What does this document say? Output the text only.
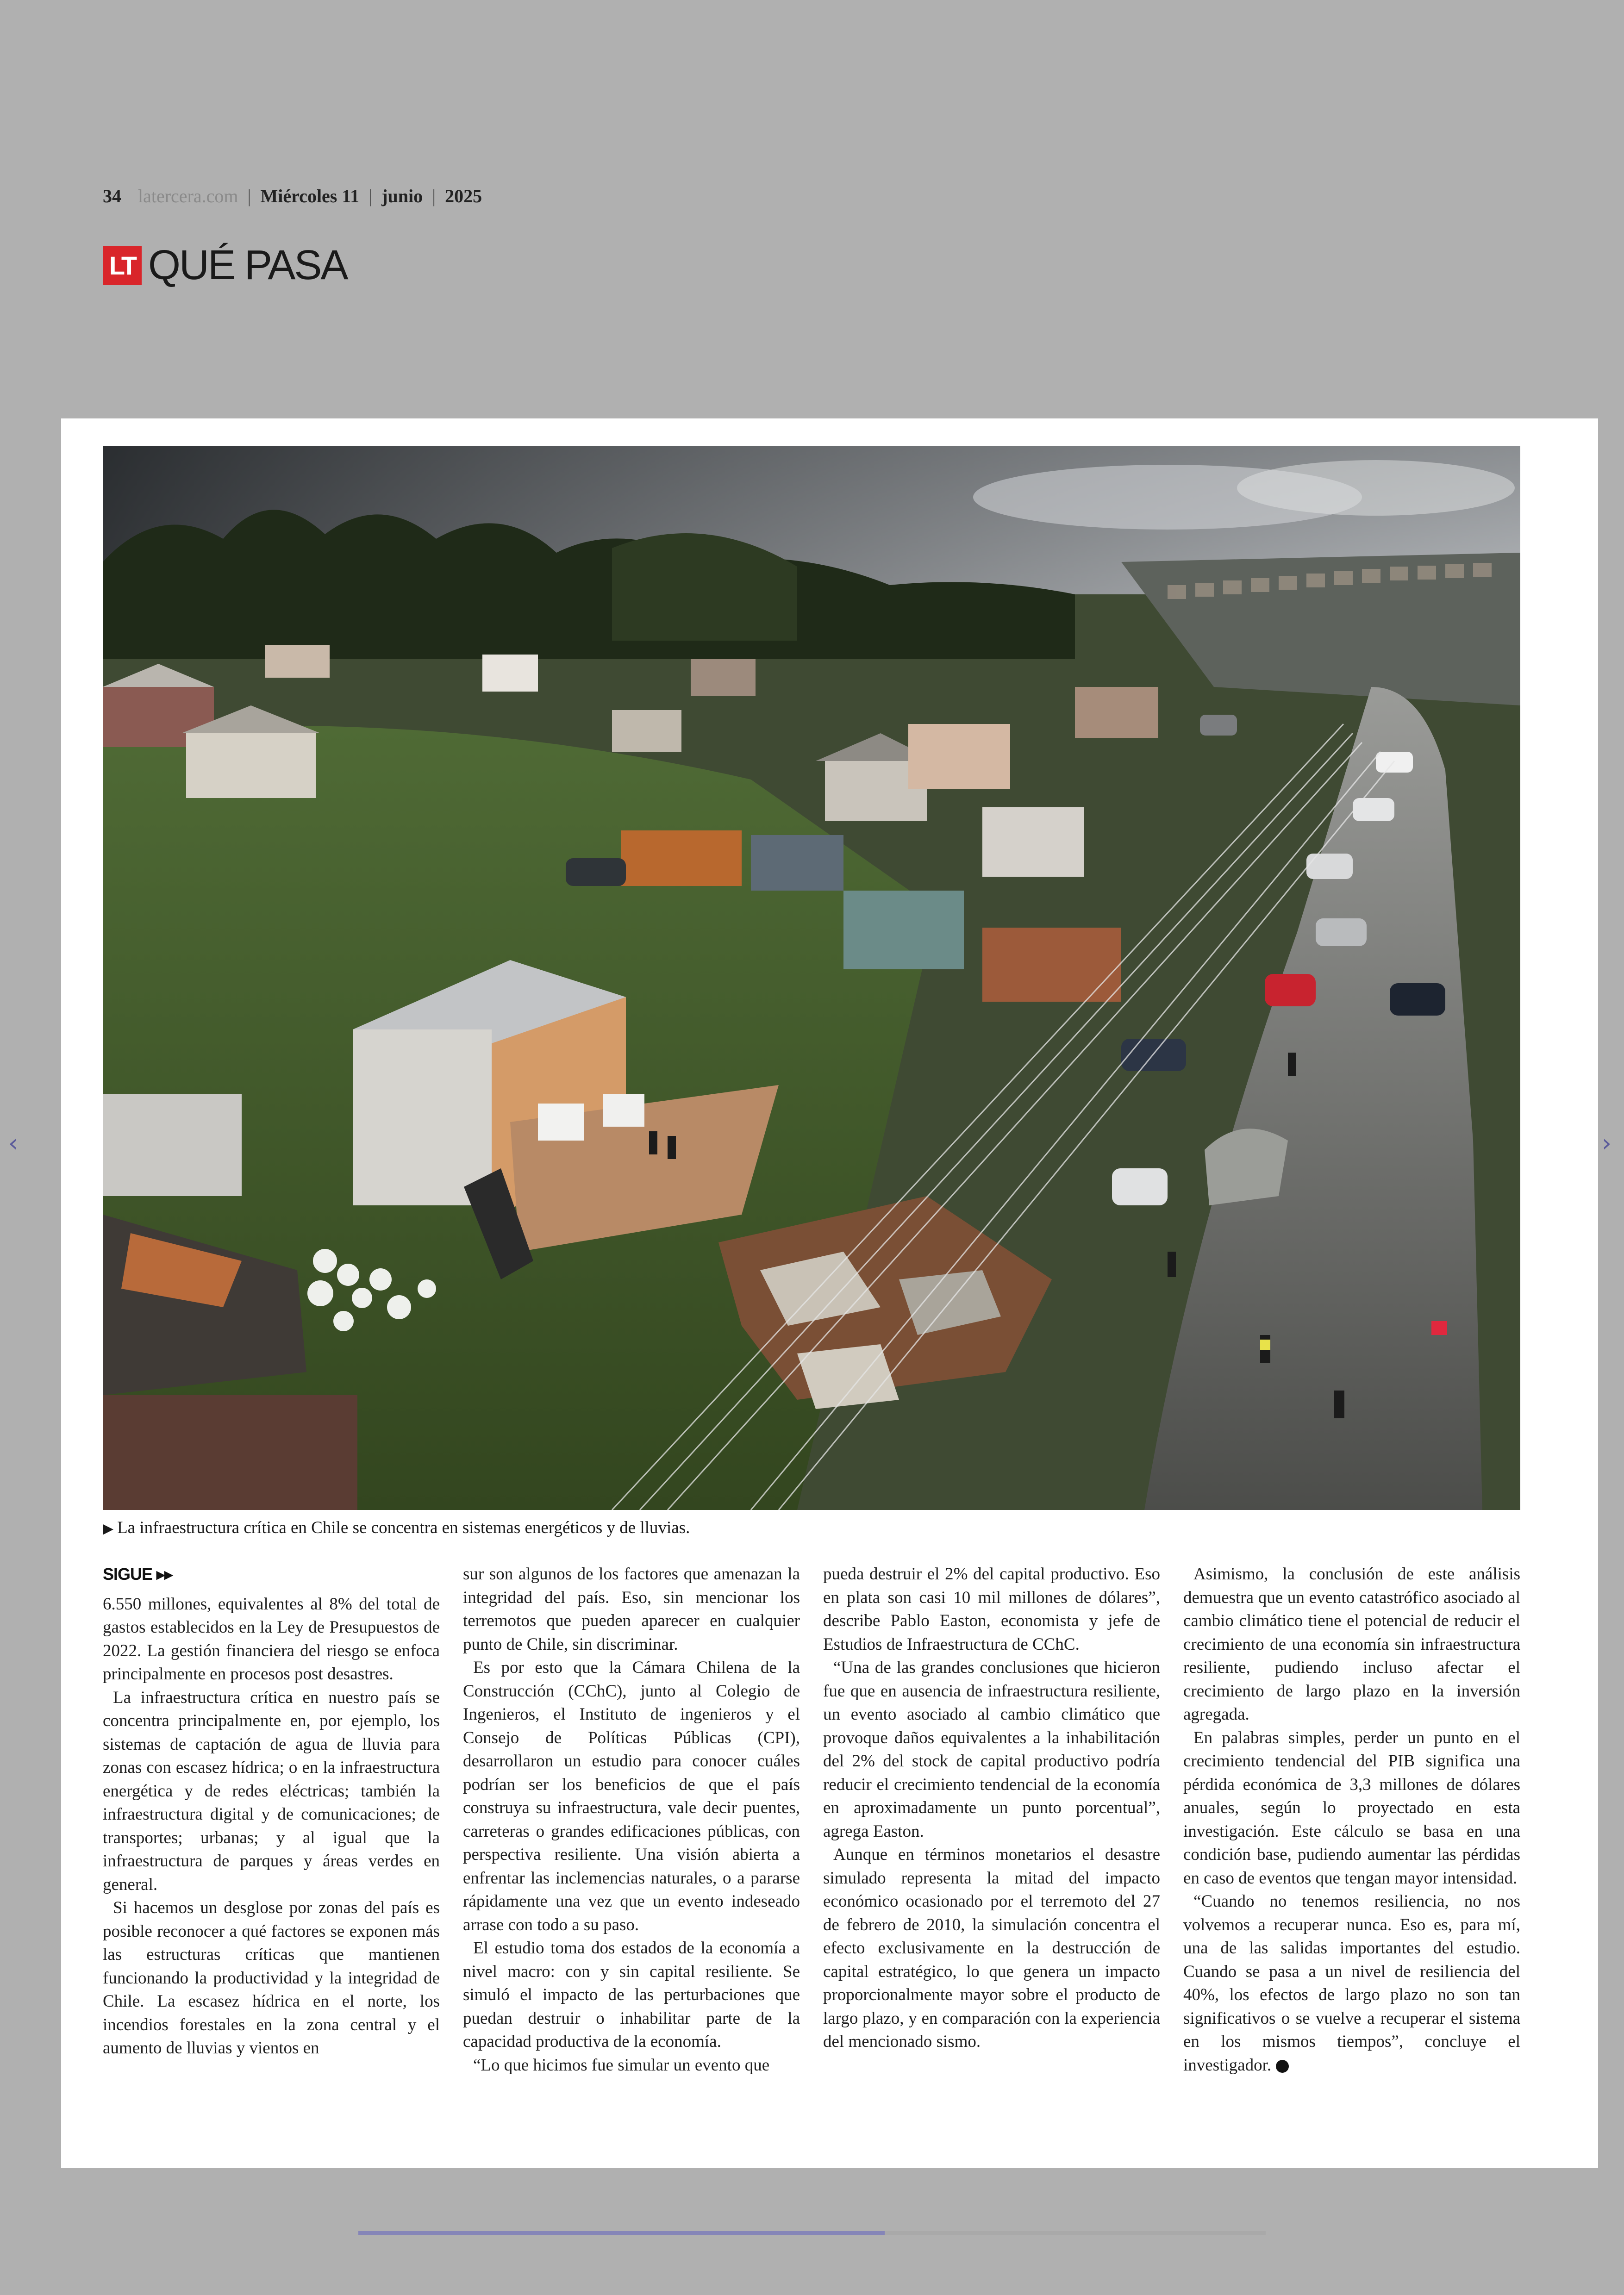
34 latercera.com | Miércoles 11 | junio | 2025
LT QUÉ PASA
▶ La infraestructura crítica en Chile se concentra en sistemas energéticos y de lluvias.
SIGUE ▸▸

6.550 millones, equivalentes al 8% del total de gastos establecidos en la Ley de Presupuestos de 2022. La gestión financiera del riesgo se enfoca principalmente en procesos post desastres.

La infraestructura crítica en nuestro país se concentra principalmente en, por ejemplo, los sistemas de captación de agua de lluvia para zonas con escasez hídrica; o en la infraestructura energética y de redes eléctricas; también la infraestructura digital y de comunicaciones; de transportes; urbanas; y al igual que la infraestructura de parques y áreas verdes en general.

Si hacemos un desglose por zonas del país es posible reconocer a qué factores se exponen más las estructuras críticas que mantienen funcionando la productividad y la integridad de Chile. La escasez hídrica en el norte, los incendios forestales en la zona central y el aumento de lluvias y vientos en

sur son algunos de los factores que amenazan la integridad del país. Eso, sin mencionar los terremotos que pueden aparecer en cualquier punto de Chile, sin discriminar.

Es por esto que la Cámara Chilena de la Construcción (CChC), junto al Colegio de Ingenieros, el Instituto de ingenieros y el Consejo de Políticas Públicas (CPI), desarrollaron un estudio para conocer cuáles podrían ser los beneficios de que el país construya su infraestructura, vale decir puentes, carreteras o grandes edificaciones públicas, con perspectiva resiliente. Una visión abierta a enfrentar las inclemencias naturales, o a pararse rápidamente una vez que un evento indeseado arrase con todo a su paso.

El estudio toma dos estados de la economía a nivel macro: con y sin capital resiliente. Se simuló el impacto de las perturbaciones que puedan destruir o inhabilitar parte de la capacidad productiva de la economía.

“Lo que hicimos fue simular un evento que

pueda destruir el 2% del capital productivo. Eso en plata son casi 10 mil millones de dólares”, describe Pablo Easton, economista y jefe de Estudios de Infraestructura de CChC.

“Una de las grandes conclusiones que hicieron fue que en ausencia de infraestructura resiliente, un evento asociado al cambio climático que provoque daños equivalentes a la inhabilitación del 2% del stock de capital productivo podría reducir el crecimiento tendencial de la economía en aproximadamente un punto porcentual”, agrega Easton.

Aunque en términos monetarios el desastre simulado representa la mitad del impacto económico ocasionado por el terremoto del 27 de febrero de 2010, la simulación concentra el efecto exclusivamente en la destrucción de capital estratégico, lo que genera un impacto proporcionalmente mayor sobre el producto de largo plazo, y en comparación con la experiencia del mencionado sismo.

Asimismo, la conclusión de este análisis demuestra que un evento catastrófico asociado al cambio climático tiene el potencial de reducir el crecimiento de una economía sin infraestructura resiliente, pudiendo incluso afectar el crecimiento de largo plazo en la inversión agregada.

En palabras simples, perder un punto en el crecimiento tendencial del PIB significa una pérdida económica de 3,3 millones de dólares anuales, según lo proyectado en esta investigación. Este cálculo se basa en una condición base, pudiendo aumentar las pérdidas en caso de eventos que tengan mayor intensidad.

“Cuando no tenemos resiliencia, no nos volvemos a recuperar nunca. Eso es, para mí, una de las salidas importantes del estudio. Cuando se pasa a un nivel de resiliencia del 40%, los efectos de largo plazo no son tan significativos o se vuelve a recuperar el sistema en los mismos tiempos”, concluye el investigador.

‹	›
